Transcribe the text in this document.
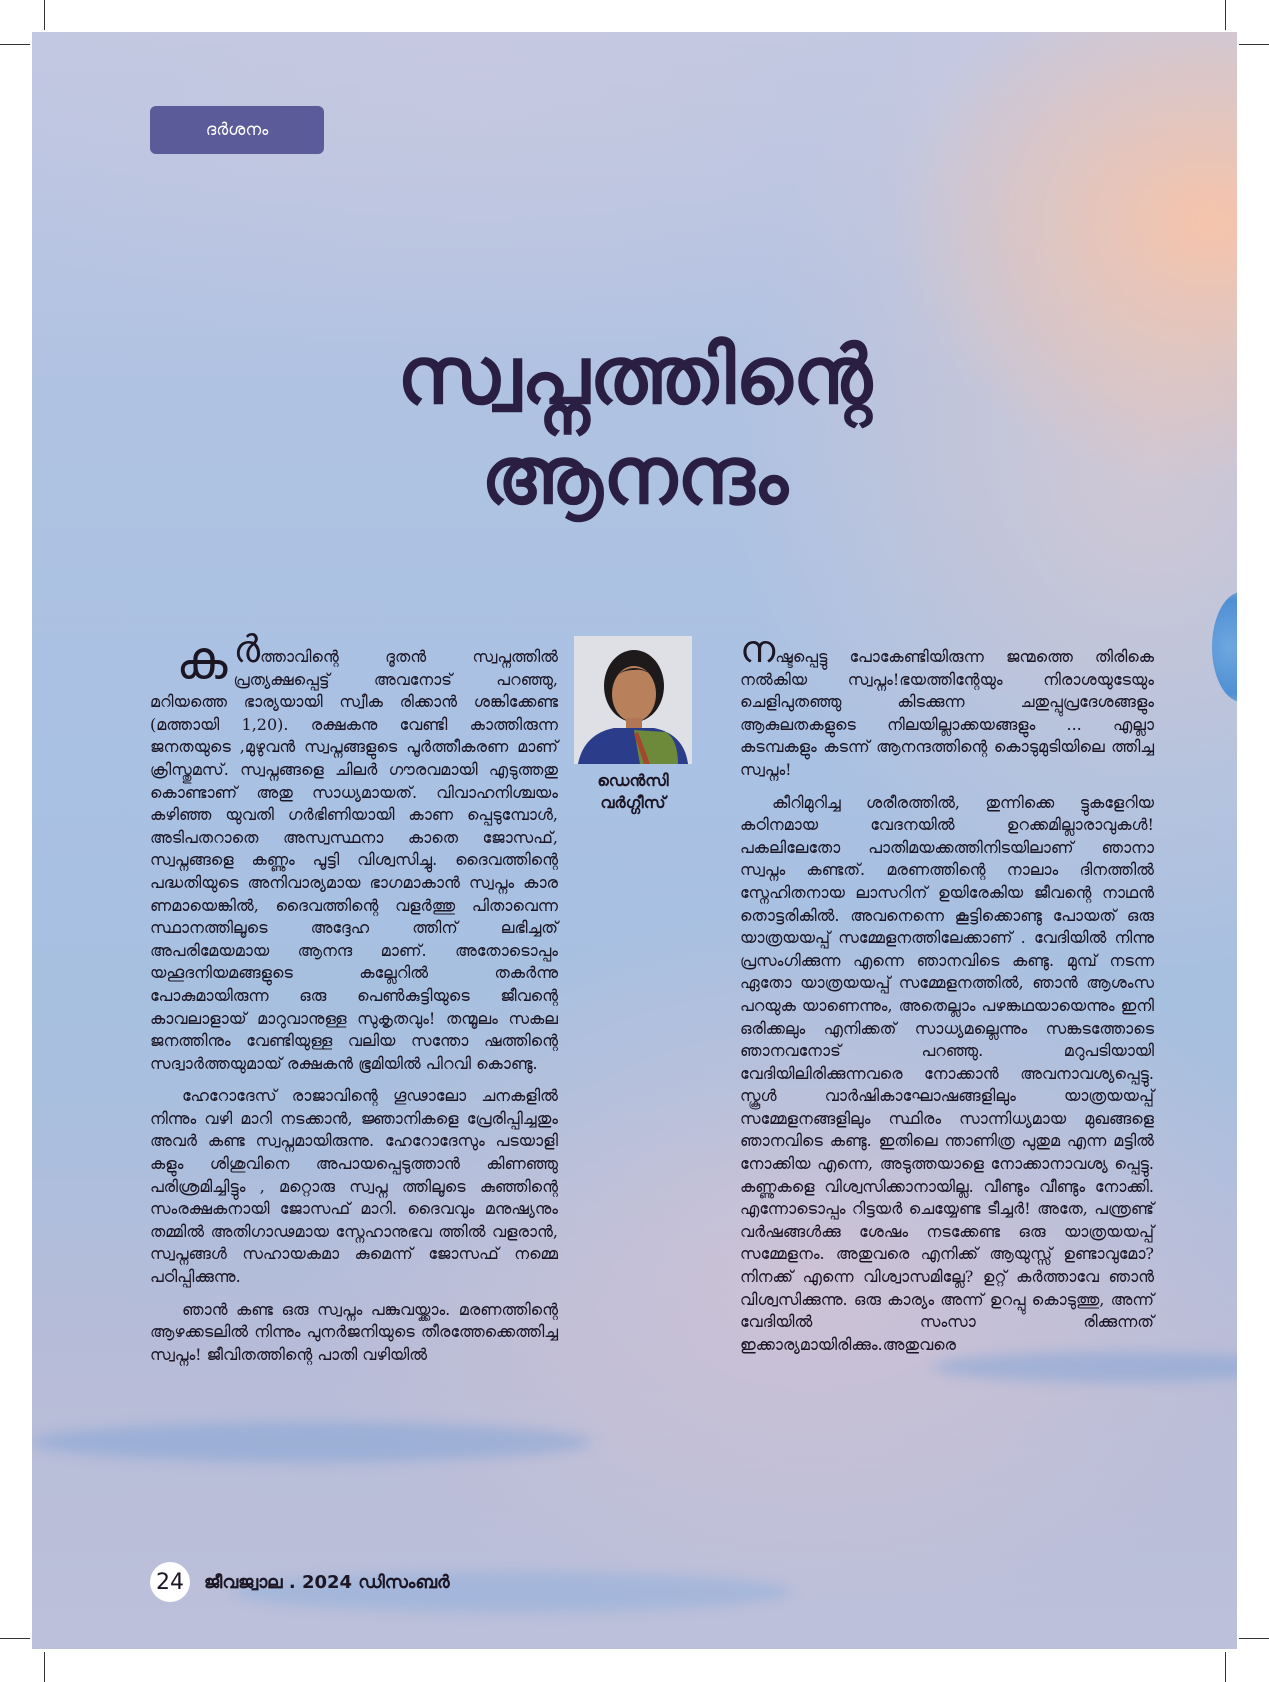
ദർശനം
സ്വപ്നത്തിന്റെ
ആനന്ദം

കർത്താവിന്റെ ദൂതൻ സ്വപ്നത്തിൽ പ്രത്യക്ഷപ്പെട്ട് അവനോട് പറഞ്ഞു, മറിയത്തെ ഭാര്യയായി സ്വീക രിക്കാൻ ശങ്കിക്കേണ്ട (മത്തായി 1,20). രക്ഷകനു വേണ്ടി കാത്തിരുന്ന ജനതയുടെ ,മുഴുവൻ സ്വപ്നങ്ങളുടെ പൂർത്തീകരണ മാണ് ക്രിസ്തുമസ്. സ്വപ്നങ്ങളെ ചിലർ ഗൗരവമായി എടുത്തതു കൊണ്ടാണ് അതു സാധ്യമായത്. വിവാഹനിശ്ചയം കഴിഞ്ഞ യുവതി ഗർഭിണിയായി കാണ പ്പെടുമ്പോൾ, അടിപതറാതെ അസ്വസ്ഥനാ കാതെ ജോസഫ്, സ്വപ്നങ്ങളെ കണ്ണും പൂട്ടി വിശ്വസിച്ചു. ദൈവത്തിന്റെ പദ്ധതിയുടെ അനിവാര്യമായ ഭാഗമാകാൻ സ്വപ്നം കാര ണമായെങ്കിൽ, ദൈവത്തിന്റെ വളർത്തു പിതാവെന്ന സ്ഥാനത്തിലൂടെ അദ്ദേഹ ത്തിന് ലഭിച്ചത് അപരിമേയമായ ആനന്ദ മാണ്. അതോടൊപ്പം യഹൂദനിയമങ്ങളുടെ കല്ലേറിൽ തകർന്നു പോകുമായിരുന്ന ഒരു പെൺകുട്ടിയുടെ ജീവന്റെ കാവലാളായ് മാറുവാനുള്ള സുകൃതവും! തന്മൂലം സകല ജനത്തിനും വേണ്ടിയുള്ള വലിയ സന്തോ ഷത്തിന്റെ സദ്വാർത്തയുമായ് രക്ഷകൻ ഭൂമിയിൽ പിറവി കൊണ്ടു.

ഹേറോദേസ് രാജാവിന്റെ ഗൂഢാലോ ചനകളിൽ നിന്നും വഴി മാറി നടക്കാൻ, ജ്ഞാനികളെ പ്രേരിപ്പിച്ചതും അവർ കണ്ട സ്വപ്നമായിരുന്നു. ഹേറോദേസും പടയാളി കളും ശിശുവിനെ അപായപ്പെടുത്താൻ കിണഞ്ഞു പരിശ്രമിച്ചിട്ടും , മറ്റൊരു സ്വപ്ന ത്തിലൂടെ കുഞ്ഞിന്റെ സംരക്ഷകനായി ജോസഫ് മാറി. ദൈവവും മനുഷ്യനും തമ്മിൽ അതിഗാഢമായ സ്നേഹാനുഭവ ത്തിൽ വളരാൻ, സ്വപ്നങ്ങൾ സഹായകമാ കുമെന്ന് ജോസഫ് നമ്മെ പഠിപ്പിക്കുന്നു.

ഞാൻ കണ്ട ഒരു സ്വപ്നം പങ്കുവയ്ക്കാം. മരണത്തിന്റെ ആഴക്കടലിൽ നിന്നും പുനർജനിയുടെ തീരത്തേക്കെത്തിച്ച സ്വപ്നം! ജീവിതത്തിന്റെ പാതി വഴിയിൽ

ഡെൻസി
വർഗ്ഗീസ്

നഷ്ടപ്പെട്ടു പോകേണ്ടിയിരുന്ന ജന്മത്തെ തിരികെ നൽകിയ സ്വപ്നം!ഭയത്തിന്റേയും നിരാശയുടേയും ചെളിപുതഞ്ഞു കിടക്കുന്ന ചതുപ്പുപ്രദേശങ്ങളും ആകുലതകളുടെ നിലയില്ലാക്കയങ്ങളും ... എല്ലാ കടമ്പകളും കടന്ന് ആനന്ദത്തിന്റെ കൊടുമുടിയിലെ ത്തിച്ച സ്വപ്നം!

കീറിമുറിച്ച ശരീരത്തിൽ, തുന്നിക്കെ ട്ടുകളേറിയ കഠിനമായ വേദനയിൽ ഉറക്കമില്ലാരാവുകൾ! പകലിലേതോ പാതിമയക്കത്തിനിടയിലാണ് ഞാനാ സ്വപ്നം കണ്ടത്. മരണത്തിന്റെ നാലാം ദിനത്തിൽ സ്നേഹിതനായ ലാസറിന് ഉയിരേകിയ ജീവന്റെ നാഥൻ തൊട്ടരികിൽ. അവനെന്നെ കൂട്ടിക്കൊണ്ടു പോയത് ഒരു യാത്രയയപ്പ് സമ്മേളനത്തിലേക്കാണ് . വേദിയിൽ നിന്നു പ്രസംഗിക്കുന്ന എന്നെ ഞാനവിടെ കണ്ടു. മുമ്പ് നടന്ന ഏതോ യാത്രയയപ്പ് സമ്മേളനത്തിൽ, ഞാൻ ആശംസ പറയുക യാണെന്നും, അതെല്ലാം പഴങ്കഥയായെന്നും ഇനി ഒരിക്കലും എനിക്കത് സാധ്യമല്ലെന്നും സങ്കടത്തോടെ ഞാനവനോട് പറഞ്ഞു. മറുപടിയായി വേദിയിലിരിക്കുന്നവരെ നോക്കാൻ അവനാവശ്യപ്പെട്ടു. സ്കൂൾ വാർഷികാഘോഷങ്ങളിലും യാത്രയയപ്പ് സമ്മേളനങ്ങളിലും സ്ഥിരം സാന്നിധ്യമായ മുഖങ്ങളെ ഞാനവിടെ കണ്ടു. ഇതിലെ ന്താണിത്ര പുതുമ എന്ന മട്ടിൽ നോക്കിയ എന്നെ, അടുത്തയാളെ നോക്കാനാവശ്യ പ്പെട്ടു. കണ്ണുകളെ വിശ്വസിക്കാനായില്ല. വീണ്ടും വീണ്ടും നോക്കി. എന്നോടൊപ്പം റിട്ടയർ ചെയ്യേണ്ട ടീച്ചർ! അതേ, പന്ത്രണ്ട് വർഷങ്ങൾക്കു ശേഷം നടക്കേണ്ട ഒരു യാത്രയയപ്പ് സമ്മേളനം. അതുവരെ എനിക്ക് ആയുസ്സ് ഉണ്ടാവുമോ? നിനക്ക് എന്നെ വിശ്വാസമില്ലേ? ഉറ്റ് കർത്താവേ ഞാൻ വിശ്വസിക്കുന്നു. ഒരു കാര്യം അന്ന് ഉറപ്പു കൊടുത്തു, അന്ന് വേദിയിൽ സംസാ രിക്കുന്നത് ഇക്കാര്യമായിരിക്കും.അതുവരെ

24	ജീവജ്വാല . 2024 ഡിസംബർ
